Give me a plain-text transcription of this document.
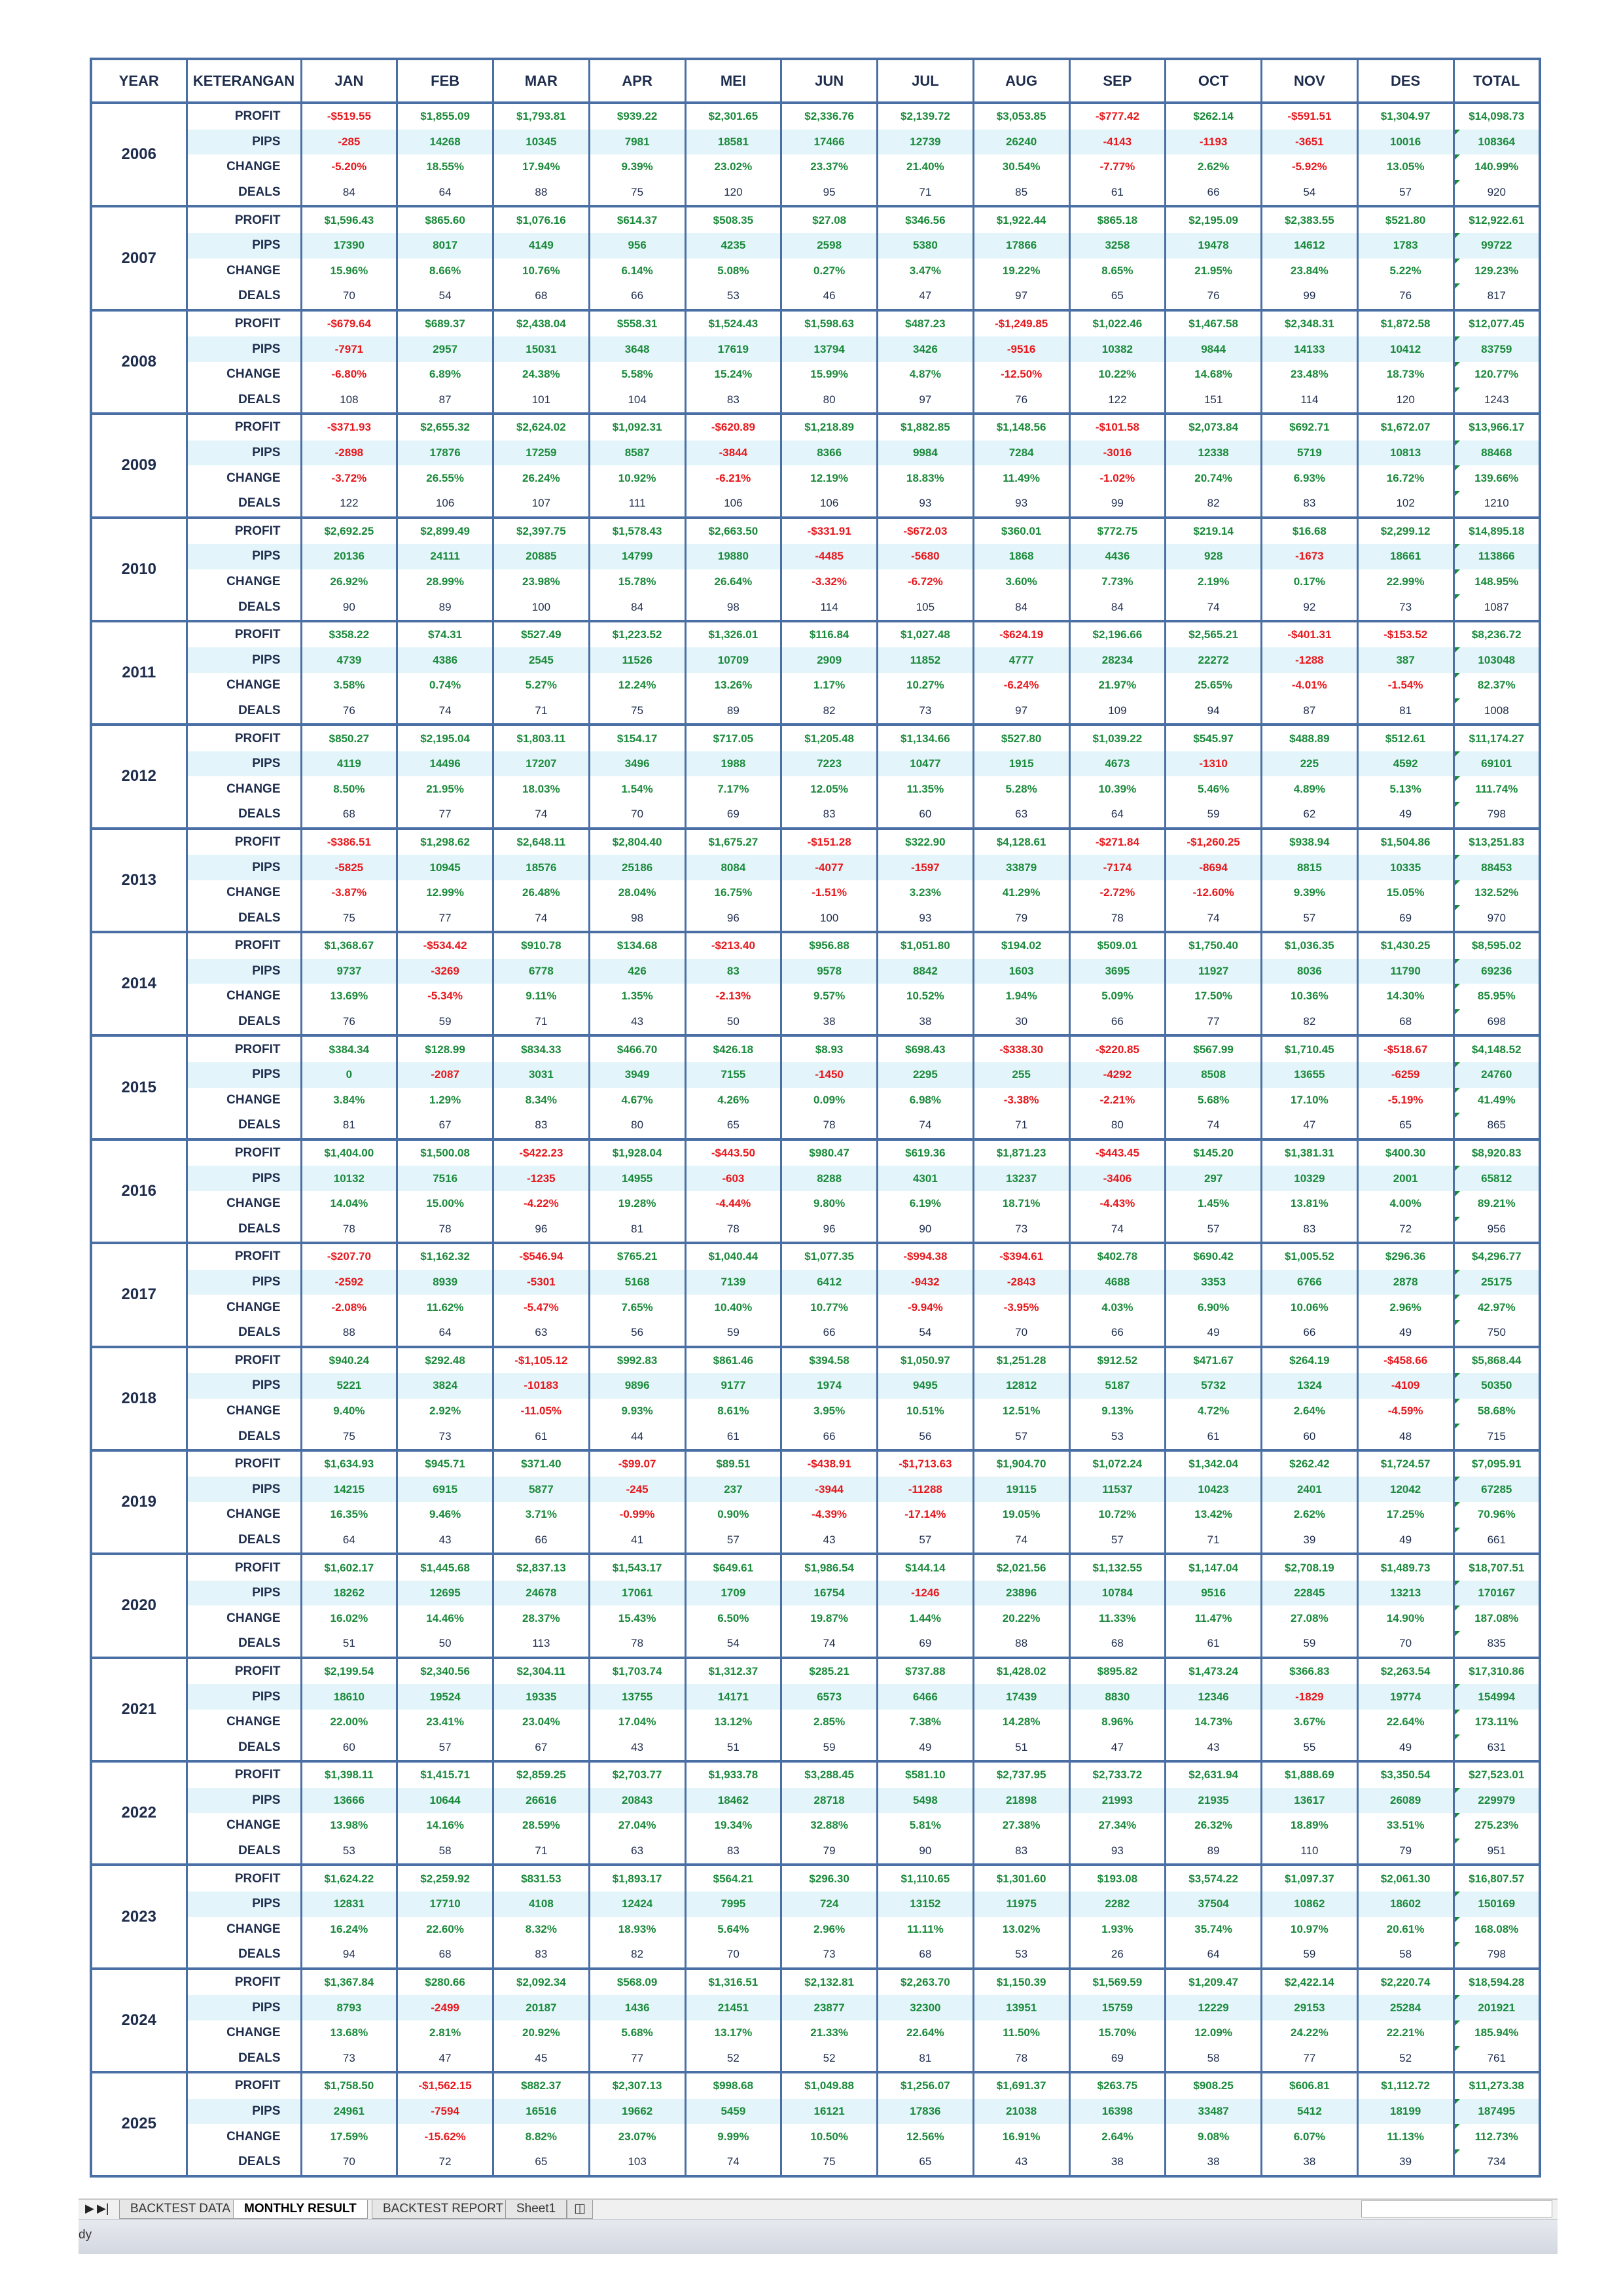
YEAR	KETERANGAN	JAN	FEB	MAR	APR	MEI	JUN	JUL	AUG	SEP	OCT	NOV	DES	TOTAL
2006	PROFIT	-$519.55	$1,855.09	$1,793.81	$939.22	$2,301.65	$2,336.76	$2,139.72	$3,053.85	-$777.42	$262.14	-$591.51	$1,304.97	$14,098.73
	PIPS	-285	14268	10345	7981	18581	17466	12739	26240	-4143	-1193	-3651	10016	108364
	CHANGE	-5.20%	18.55%	17.94%	9.39%	23.02%	23.37%	21.40%	30.54%	-7.77%	2.62%	-5.92%	13.05%	140.99%
	DEALS	84	64	88	75	120	95	71	85	61	66	54	57	920
2007	PROFIT	$1,596.43	$865.60	$1,076.16	$614.37	$508.35	$27.08	$346.56	$1,922.44	$865.18	$2,195.09	$2,383.55	$521.80	$12,922.61
	PIPS	17390	8017	4149	956	4235	2598	5380	17866	3258	19478	14612	1783	99722
	CHANGE	15.96%	8.66%	10.76%	6.14%	5.08%	0.27%	3.47%	19.22%	8.65%	21.95%	23.84%	5.22%	129.23%
	DEALS	70	54	68	66	53	46	47	97	65	76	99	76	817
2008	PROFIT	-$679.64	$689.37	$2,438.04	$558.31	$1,524.43	$1,598.63	$487.23	-$1,249.85	$1,022.46	$1,467.58	$2,348.31	$1,872.58	$12,077.45
	PIPS	-7971	2957	15031	3648	17619	13794	3426	-9516	10382	9844	14133	10412	83759
	CHANGE	-6.80%	6.89%	24.38%	5.58%	15.24%	15.99%	4.87%	-12.50%	10.22%	14.68%	23.48%	18.73%	120.77%
	DEALS	108	87	101	104	83	80	97	76	122	151	114	120	1243
2009	PROFIT	-$371.93	$2,655.32	$2,624.02	$1,092.31	-$620.89	$1,218.89	$1,882.85	$1,148.56	-$101.58	$2,073.84	$692.71	$1,672.07	$13,966.17
	PIPS	-2898	17876	17259	8587	-3844	8366	9984	7284	-3016	12338	5719	10813	88468
	CHANGE	-3.72%	26.55%	26.24%	10.92%	-6.21%	12.19%	18.83%	11.49%	-1.02%	20.74%	6.93%	16.72%	139.66%
	DEALS	122	106	107	111	106	106	93	93	99	82	83	102	1210
2010	PROFIT	$2,692.25	$2,899.49	$2,397.75	$1,578.43	$2,663.50	-$331.91	-$672.03	$360.01	$772.75	$219.14	$16.68	$2,299.12	$14,895.18
	PIPS	20136	24111	20885	14799	19880	-4485	-5680	1868	4436	928	-1673	18661	113866
	CHANGE	26.92%	28.99%	23.98%	15.78%	26.64%	-3.32%	-6.72%	3.60%	7.73%	2.19%	0.17%	22.99%	148.95%
	DEALS	90	89	100	84	98	114	105	84	84	74	92	73	1087
2011	PROFIT	$358.22	$74.31	$527.49	$1,223.52	$1,326.01	$116.84	$1,027.48	-$624.19	$2,196.66	$2,565.21	-$401.31	-$153.52	$8,236.72
	PIPS	4739	4386	2545	11526	10709	2909	11852	4777	28234	22272	-1288	387	103048
	CHANGE	3.58%	0.74%	5.27%	12.24%	13.26%	1.17%	10.27%	-6.24%	21.97%	25.65%	-4.01%	-1.54%	82.37%
	DEALS	76	74	71	75	89	82	73	97	109	94	87	81	1008
2012	PROFIT	$850.27	$2,195.04	$1,803.11	$154.17	$717.05	$1,205.48	$1,134.66	$527.80	$1,039.22	$545.97	$488.89	$512.61	$11,174.27
	PIPS	4119	14496	17207	3496	1988	7223	10477	1915	4673	-1310	225	4592	69101
	CHANGE	8.50%	21.95%	18.03%	1.54%	7.17%	12.05%	11.35%	5.28%	10.39%	5.46%	4.89%	5.13%	111.74%
	DEALS	68	77	74	70	69	83	60	63	64	59	62	49	798
2013	PROFIT	-$386.51	$1,298.62	$2,648.11	$2,804.40	$1,675.27	-$151.28	$322.90	$4,128.61	-$271.84	-$1,260.25	$938.94	$1,504.86	$13,251.83
	PIPS	-5825	10945	18576	25186	8084	-4077	-1597	33879	-7174	-8694	8815	10335	88453
	CHANGE	-3.87%	12.99%	26.48%	28.04%	16.75%	-1.51%	3.23%	41.29%	-2.72%	-12.60%	9.39%	15.05%	132.52%
	DEALS	75	77	74	98	96	100	93	79	78	74	57	69	970
2014	PROFIT	$1,368.67	-$534.42	$910.78	$134.68	-$213.40	$956.88	$1,051.80	$194.02	$509.01	$1,750.40	$1,036.35	$1,430.25	$8,595.02
	PIPS	9737	-3269	6778	426	83	9578	8842	1603	3695	11927	8036	11790	69236
	CHANGE	13.69%	-5.34%	9.11%	1.35%	-2.13%	9.57%	10.52%	1.94%	5.09%	17.50%	10.36%	14.30%	85.95%
	DEALS	76	59	71	43	50	38	38	30	66	77	82	68	698
2015	PROFIT	$384.34	$128.99	$834.33	$466.70	$426.18	$8.93	$698.43	-$338.30	-$220.85	$567.99	$1,710.45	-$518.67	$4,148.52
	PIPS	0	-2087	3031	3949	7155	-1450	2295	255	-4292	8508	13655	-6259	24760
	CHANGE	3.84%	1.29%	8.34%	4.67%	4.26%	0.09%	6.98%	-3.38%	-2.21%	5.68%	17.10%	-5.19%	41.49%
	DEALS	81	67	83	80	65	78	74	71	80	74	47	65	865
2016	PROFIT	$1,404.00	$1,500.08	-$422.23	$1,928.04	-$443.50	$980.47	$619.36	$1,871.23	-$443.45	$145.20	$1,381.31	$400.30	$8,920.83
	PIPS	10132	7516	-1235	14955	-603	8288	4301	13237	-3406	297	10329	2001	65812
	CHANGE	14.04%	15.00%	-4.22%	19.28%	-4.44%	9.80%	6.19%	18.71%	-4.43%	1.45%	13.81%	4.00%	89.21%
	DEALS	78	78	96	81	78	96	90	73	74	57	83	72	956
2017	PROFIT	-$207.70	$1,162.32	-$546.94	$765.21	$1,040.44	$1,077.35	-$994.38	-$394.61	$402.78	$690.42	$1,005.52	$296.36	$4,296.77
	PIPS	-2592	8939	-5301	5168	7139	6412	-9432	-2843	4688	3353	6766	2878	25175
	CHANGE	-2.08%	11.62%	-5.47%	7.65%	10.40%	10.77%	-9.94%	-3.95%	4.03%	6.90%	10.06%	2.96%	42.97%
	DEALS	88	64	63	56	59	66	54	70	66	49	66	49	750
2018	PROFIT	$940.24	$292.48	-$1,105.12	$992.83	$861.46	$394.58	$1,050.97	$1,251.28	$912.52	$471.67	$264.19	-$458.66	$5,868.44
	PIPS	5221	3824	-10183	9896	9177	1974	9495	12812	5187	5732	1324	-4109	50350
	CHANGE	9.40%	2.92%	-11.05%	9.93%	8.61%	3.95%	10.51%	12.51%	9.13%	4.72%	2.64%	-4.59%	58.68%
	DEALS	75	73	61	44	61	66	56	57	53	61	60	48	715
2019	PROFIT	$1,634.93	$945.71	$371.40	-$99.07	$89.51	-$438.91	-$1,713.63	$1,904.70	$1,072.24	$1,342.04	$262.42	$1,724.57	$7,095.91
	PIPS	14215	6915	5877	-245	237	-3944	-11288	19115	11537	10423	2401	12042	67285
	CHANGE	16.35%	9.46%	3.71%	-0.99%	0.90%	-4.39%	-17.14%	19.05%	10.72%	13.42%	2.62%	17.25%	70.96%
	DEALS	64	43	66	41	57	43	57	74	57	71	39	49	661
2020	PROFIT	$1,602.17	$1,445.68	$2,837.13	$1,543.17	$649.61	$1,986.54	$144.14	$2,021.56	$1,132.55	$1,147.04	$2,708.19	$1,489.73	$18,707.51
	PIPS	18262	12695	24678	17061	1709	16754	-1246	23896	10784	9516	22845	13213	170167
	CHANGE	16.02%	14.46%	28.37%	15.43%	6.50%	19.87%	1.44%	20.22%	11.33%	11.47%	27.08%	14.90%	187.08%
	DEALS	51	50	113	78	54	74	69	88	68	61	59	70	835
2021	PROFIT	$2,199.54	$2,340.56	$2,304.11	$1,703.74	$1,312.37	$285.21	$737.88	$1,428.02	$895.82	$1,473.24	$366.83	$2,263.54	$17,310.86
	PIPS	18610	19524	19335	13755	14171	6573	6466	17439	8830	12346	-1829	19774	154994
	CHANGE	22.00%	23.41%	23.04%	17.04%	13.12%	2.85%	7.38%	14.28%	8.96%	14.73%	3.67%	22.64%	173.11%
	DEALS	60	57	67	43	51	59	49	51	47	43	55	49	631
2022	PROFIT	$1,398.11	$1,415.71	$2,859.25	$2,703.77	$1,933.78	$3,288.45	$581.10	$2,737.95	$2,733.72	$2,631.94	$1,888.69	$3,350.54	$27,523.01
	PIPS	13666	10644	26616	20843	18462	28718	5498	21898	21993	21935	13617	26089	229979
	CHANGE	13.98%	14.16%	28.59%	27.04%	19.34%	32.88%	5.81%	27.38%	27.34%	26.32%	18.89%	33.51%	275.23%
	DEALS	53	58	71	63	83	79	90	83	93	89	110	79	951
2023	PROFIT	$1,624.22	$2,259.92	$831.53	$1,893.17	$564.21	$296.30	$1,110.65	$1,301.60	$193.08	$3,574.22	$1,097.37	$2,061.30	$16,807.57
	PIPS	12831	17710	4108	12424	7995	724	13152	11975	2282	37504	10862	18602	150169
	CHANGE	16.24%	22.60%	8.32%	18.93%	5.64%	2.96%	11.11%	13.02%	1.93%	35.74%	10.97%	20.61%	168.08%
	DEALS	94	68	83	82	70	73	68	53	26	64	59	58	798
2024	PROFIT	$1,367.84	$280.66	$2,092.34	$568.09	$1,316.51	$2,132.81	$2,263.70	$1,150.39	$1,569.59	$1,209.47	$2,422.14	$2,220.74	$18,594.28
	PIPS	8793	-2499	20187	1436	21451	23877	32300	13951	15759	12229	29153	25284	201921
	CHANGE	13.68%	2.81%	20.92%	5.68%	13.17%	21.33%	22.64%	11.50%	15.70%	12.09%	24.22%	22.21%	185.94%
	DEALS	73	47	45	77	52	52	81	78	69	58	77	52	761
2025	PROFIT	$1,758.50	-$1,562.15	$882.37	$2,307.13	$998.68	$1,049.88	$1,256.07	$1,691.37	$263.75	$908.25	$606.81	$1,112.72	$11,273.38
	PIPS	24961	-7594	16516	19662	5459	16121	17836	21038	16398	33487	5412	18199	187495
	CHANGE	17.59%	-15.62%	8.82%	23.07%	9.99%	10.50%	12.56%	16.91%	2.64%	9.08%	6.07%	11.13%	112.73%
	DEALS	70	72	65	103	74	75	65	43	38	38	38	39	734
▶ ▶|	BACKTEST DATA	MONTHLY RESULT	BACKTEST REPORT	Sheet1	◫
dy
